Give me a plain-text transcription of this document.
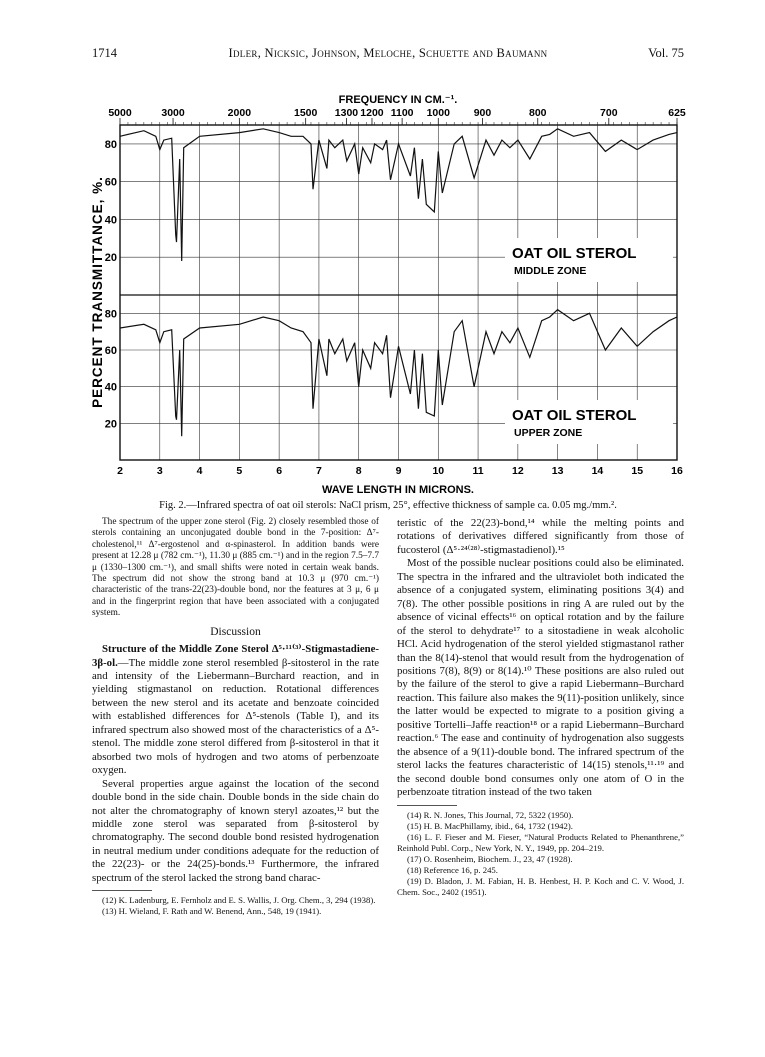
1714	Idler, Nicksic, Johnson, Meloche, Schuette and Baumann	Vol. 75
FREQUENCY IN CM.⁻¹.
5000	3000	2000	1500 1300 1200 1100 1000 900	800	700	625
2	3	4	5	6	7	8	9	10	11	12	13	14	15	16
80
60
40
20
80
60
40
20
OAT OIL STEROL
MIDDLE ZONE
OAT OIL STEROL
UPPER ZONE
PERCENT TRANSMITTANCE, %.
WAVE LENGTH IN MICRONS.
Fig. 2.—Infrared spectra of oat oil sterols: NaCl prism, 25°, effective thickness of sample ca. 0.05 mg./mm.².

The spectrum of the upper zone sterol (Fig. 2) closely resembled those of sterols containing an unconjugated double bond in the 7-position: Δ⁷-cholestenol,¹¹ Δ⁷-ergostenol and α-spinasterol. In addition bands were present at 12.28 μ (782 cm.⁻¹), 11.30 μ (885 cm.⁻¹) and in the region 7.5–7.7 μ (1330–1300 cm.⁻¹), and small shifts were noted in certain weak bands. The spectrum did not show the strong band at 10.3 μ (970 cm.⁻¹) characteristic of the trans-22(23)-double bond, nor the features at 3 μ, 6 μ and in the fingerprint region that have been associated with a conjugated system.

Discussion

Structure of the Middle Zone Sterol Δ⁵·¹¹⁽³⁾-Stigmastadiene-3β-ol.—The middle zone sterol resembled β-sitosterol in the rate and intensity of the Liebermann–Burchard reaction, and in yielding stigmastanol on reduction. Rotational differences between the new sterol and its acetate and benzoate coincided with established differences for Δ⁵-stenols (Table I), and its infrared spectrum also showed most of the characteristics of a Δ⁵-stenol. The middle zone sterol differed from β-sitosterol in that it absorbed two mols of hydrogen and two atoms of perbenzoate oxygen.

Several properties argue against the location of the second double bond in the side chain. Double bonds in the side chain do not alter the chromatography of known steryl azoates,¹² but the middle zone sterol was separated from β-sitosterol by chromatography. The second double bond resisted hydrogenation in neutral medium under conditions adequate for the reduction of the 22(23)- or the 24(25)-bonds.¹³ Furthermore, the infrared spectrum of the sterol lacked the strong band charac-

(12) K. Ladenburg, E. Fernholz and E. S. Wallis, J. Org. Chem., 3, 294 (1938).
(13) H. Wieland, F. Rath and W. Benend, Ann., 548, 19 (1941).

teristic of the 22(23)-bond,¹⁴ while the melting points and rotations of derivatives differed significantly from those of fucosterol (Δ⁵·²⁴⁽²⁸⁾-stigmastadienol).¹⁵

Most of the possible nuclear positions could also be eliminated. The spectra in the infrared and the ultraviolet both indicated the absence of a conjugated system, eliminating positions 3(4) and 7(8). The other possible positions in ring A are ruled out by the absence of vicinal effects¹⁶ on optical rotation and by the failure of the sterol to dehydrate¹⁷ to a sitostadiene in weak alcoholic HCl. Acid hydrogenation of the sterol yielded stigmastanol rather than the 8(14)-stenol that would result from the hydrogenation of positions 7(8), 8(9) or 8(14).¹⁰ These positions are also ruled out by the failure of the sterol to give a rapid Liebermann–Burchard reaction. This failure also makes the 9(11)-position unlikely, since the latter would be expected to migrate to a position giving a positive Tortelli–Jaffe reaction¹⁸ or a rapid Liebermann–Burchard reaction.⁶ The ease and continuity of hydrogenation also suggests the absence of a 9(11)-double bond. The infrared spectrum of the sterol lacks the features characteristic of 14(15) stenols,¹¹·¹⁹ and the second double bond consumes only one atom of O in the perbenzoate titration instead of the two taken

(14) R. N. Jones, This Journal, 72, 5322 (1950).
(15) H. B. MacPhillamy, ibid., 64, 1732 (1942).
(16) L. F. Fieser and M. Fieser, “Natural Products Related to Phenanthrene,” Reinhold Publ. Corp., New York, N. Y., 1949, pp. 204–219.
(17) O. Rosenheim, Biochem. J., 23, 47 (1928).
(18) Reference 16, p. 245.
(19) D. Bladon, J. M. Fabian, H. B. Henbest, H. P. Koch and C. V. Wood, J. Chem. Soc., 2402 (1951).
